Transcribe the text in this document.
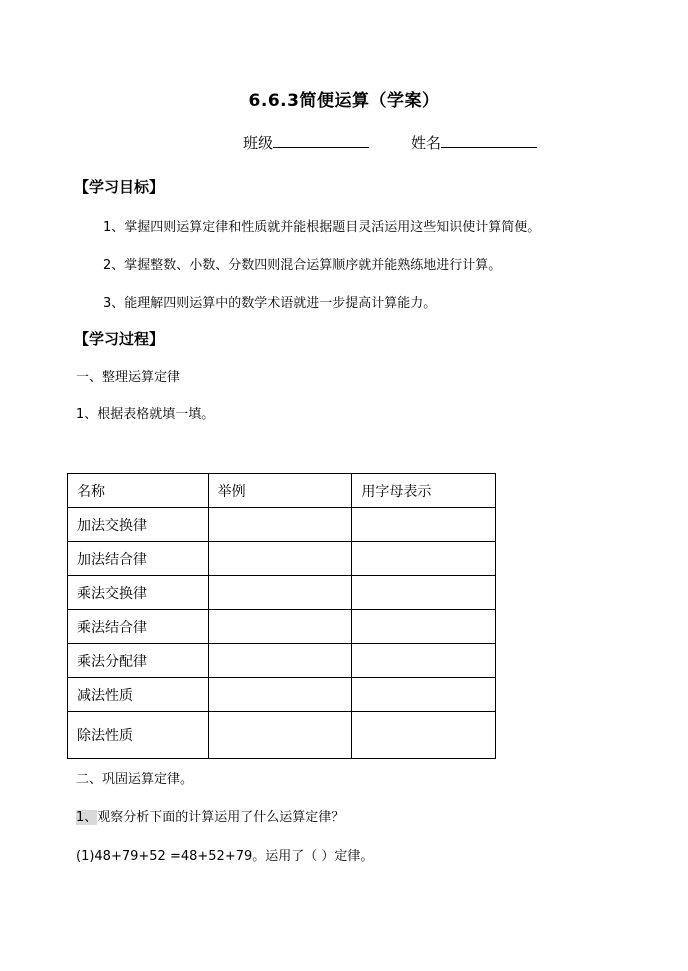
6.6.3简便运算（学案）
班级	姓名
【学习目标】
1、掌握四则运算定律和性质就并能根据题目灵活运用这些知识使计算简便。
2、掌握整数、小数、分数四则混合运算顺序就并能熟练地进行计算。
3、能理解四则运算中的数学术语就进一步提高计算能力。
【学习过程】
一、整理运算定律
1、根据表格就填一填。
名称	举例	用字母表示
加法交换律		
加法结合律		
乘法交换律		
乘法结合律		
乘法分配律		
减法性质		
除法性质		
二、巩固运算定律。
1、观察分析下面的计算运用了什么运算定律？
(1)48+79+52 =48+52+79。运用了（ ）定律。
